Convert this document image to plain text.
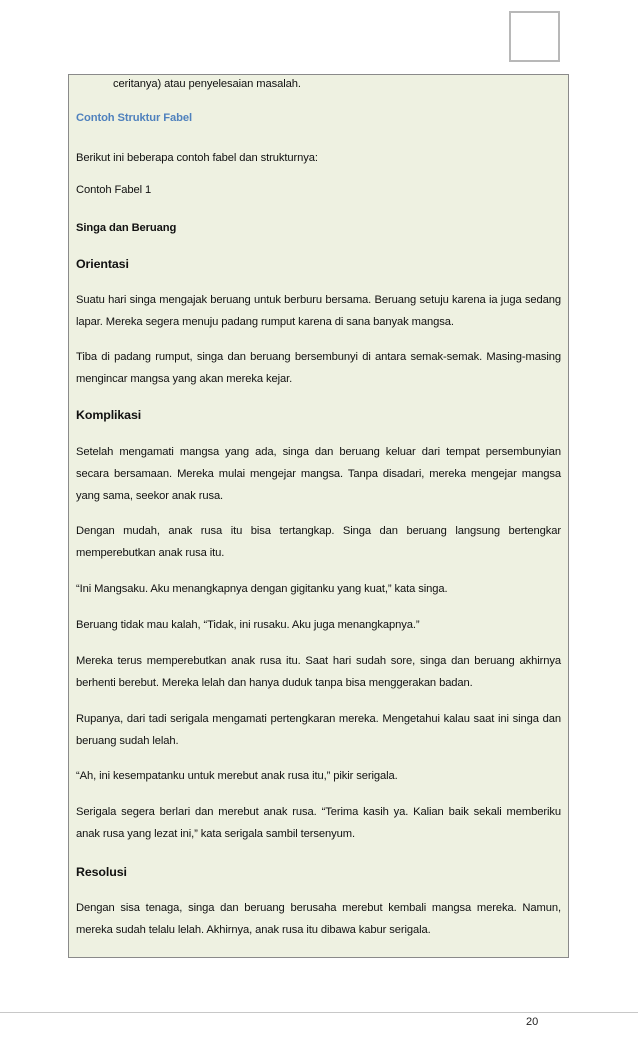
ceritanya) atau penyelesaian masalah.

Contoh Struktur Fabel

Berikut ini beberapa contoh fabel dan strukturnya:

Contoh Fabel 1

Singa dan Beruang

Orientasi

Suatu hari singa mengajak beruang untuk berburu bersama. Beruang setuju karena ia juga sedang lapar. Mereka segera menuju padang rumput karena di sana banyak mangsa.

Tiba di padang rumput, singa dan beruang bersembunyi di antara semak-semak. Masing-masing mengincar mangsa yang akan mereka kejar.

Komplikasi

Setelah mengamati mangsa yang ada, singa dan beruang keluar dari tempat persembunyian secara bersamaan. Mereka mulai mengejar mangsa. Tanpa disadari, mereka mengejar mangsa yang sama, seekor anak rusa.

Dengan mudah, anak rusa itu bisa tertangkap. Singa dan beruang langsung bertengkar memperebutkan anak rusa itu.

“Ini Mangsaku. Aku menangkapnya dengan gigitanku yang kuat,” kata singa.

Beruang tidak mau kalah, “Tidak, ini rusaku. Aku juga menangkapnya.”

Mereka terus memperebutkan anak rusa itu. Saat hari sudah sore, singa dan beruang akhirnya berhenti berebut. Mereka lelah dan hanya duduk tanpa bisa menggerakan badan.

Rupanya, dari tadi serigala mengamati pertengkaran mereka. Mengetahui kalau saat ini singa dan beruang sudah lelah.

“Ah, ini kesempatanku untuk merebut anak rusa itu,” pikir serigala.

Serigala segera berlari dan merebut anak rusa. “Terima kasih ya. Kalian baik sekali memberiku anak rusa yang lezat ini,” kata serigala sambil tersenyum.

Resolusi

Dengan sisa tenaga, singa dan beruang berusaha merebut kembali mangsa mereka. Namun, mereka sudah telalu lelah. Akhirnya, anak rusa itu dibawa kabur serigala.

20
